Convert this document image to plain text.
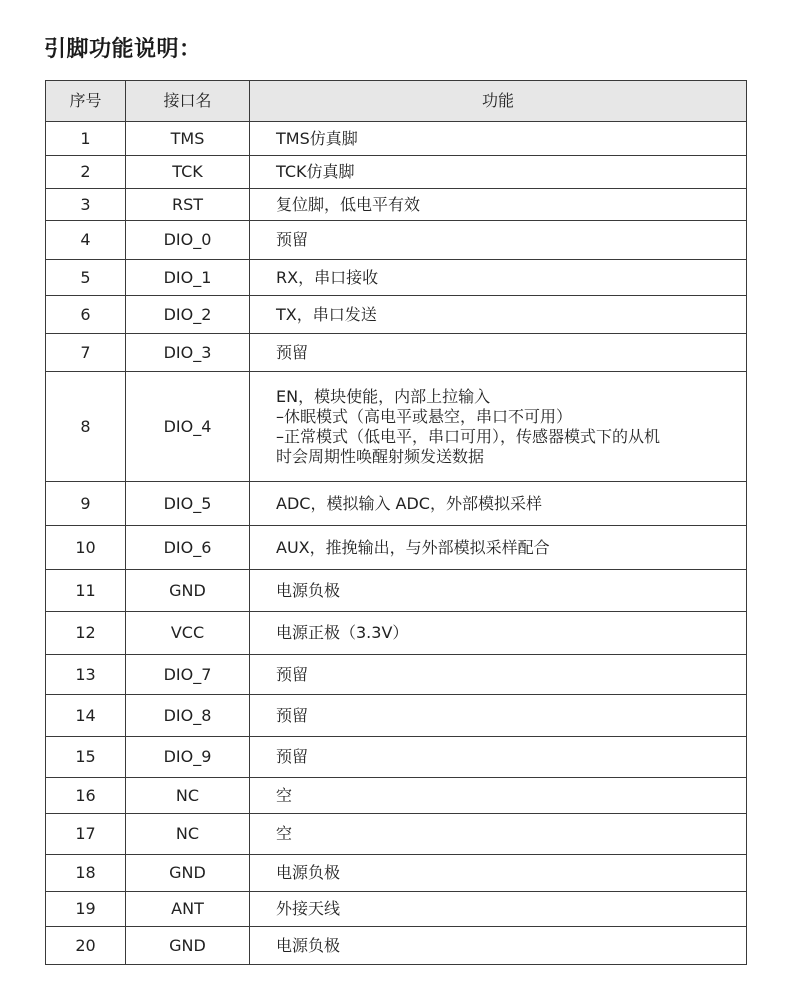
引脚功能说明：
序号	接口名	功能
1	TMS	TMS仿真脚

2	TCK	TCK仿真脚

3	RST	复位脚，低电平有效

4	DIO_0	预留

5	DIO_1	RX，串口接收

6	DIO_2	TX，串口发送

7	DIO_3	预留

8	DIO_4	EN，模块使能，内部上拉输入
–休眠模式（高电平或悬空，串口不可用）
–正常模式（低电平，串口可用），传感器模式下的从机
时会周期性唤醒射频发送数据

9	DIO_5	ADC，模拟输入 ADC，外部模拟采样

10	DIO_6	AUX，推挽输出，与外部模拟采样配合

11	GND	电源负极

12	VCC	电源正极（3.3V）

13	DIO_7	预留

14	DIO_8	预留

15	DIO_9	预留

16	NC	空

17	NC	空

18	GND	电源负极

19	ANT	外接天线

20	GND	电源负极
